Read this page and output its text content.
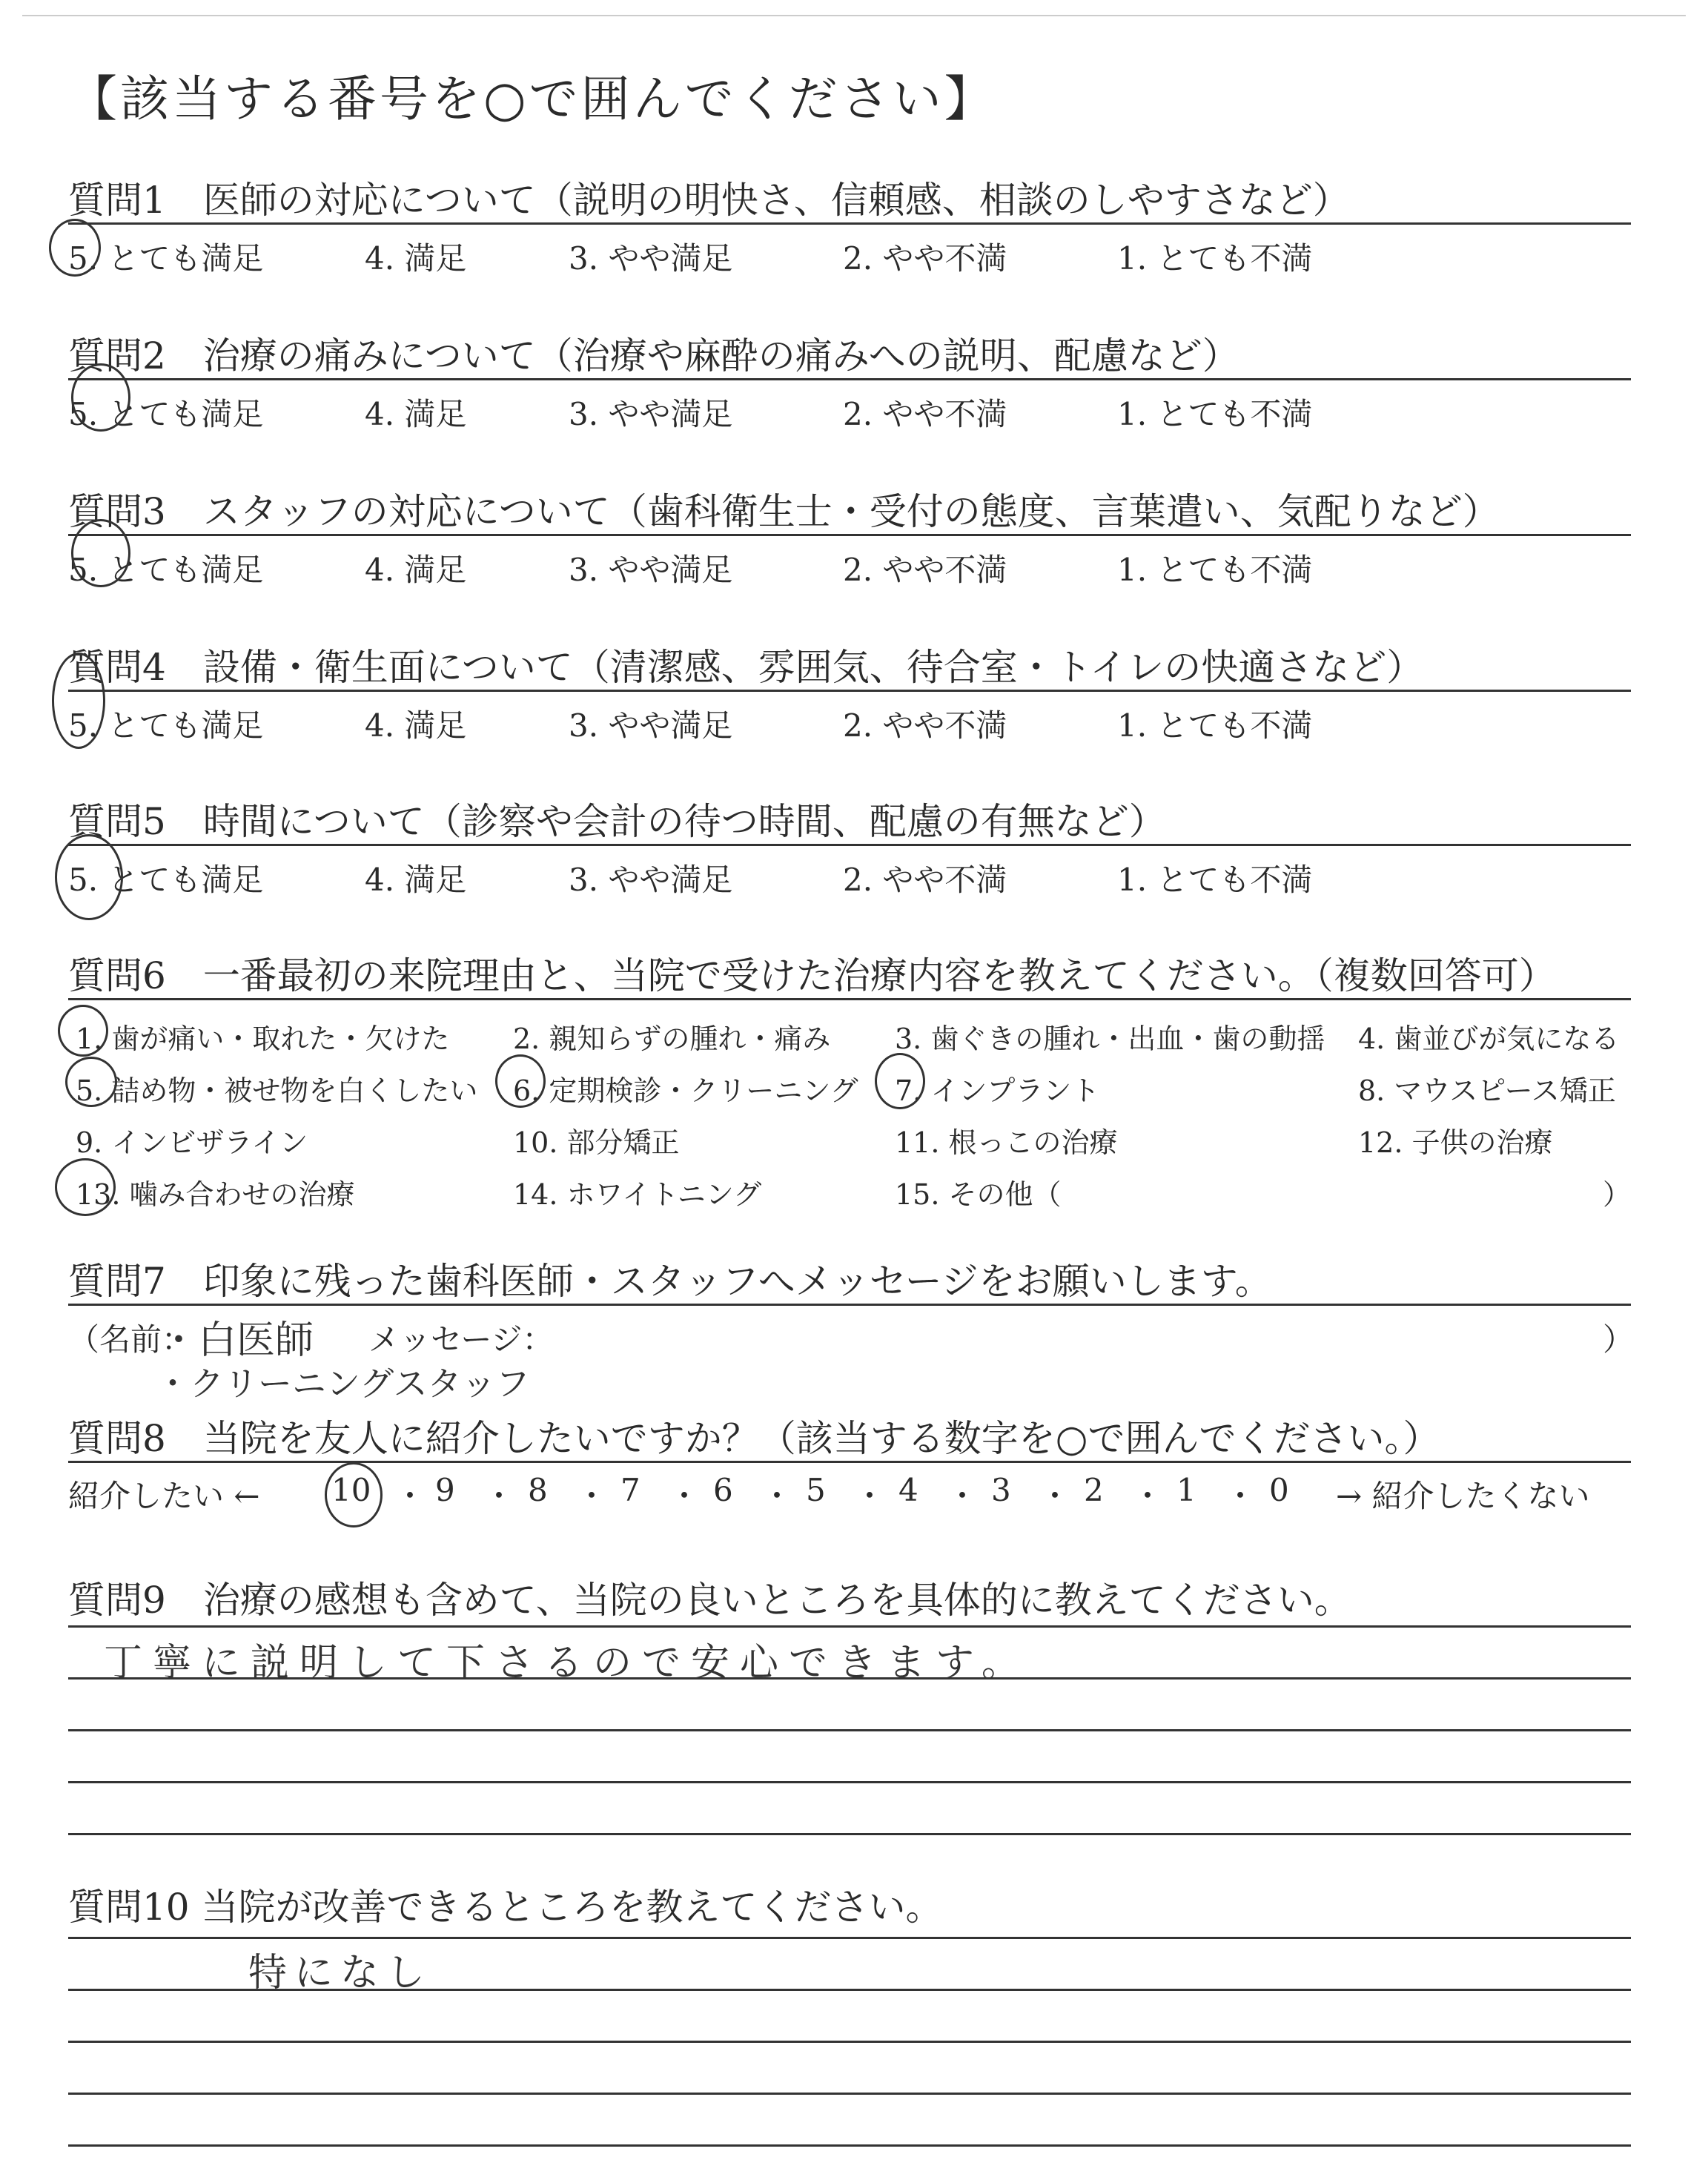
【該当する番号を○で囲んでください】
質問1　 医師の対応について（説明の明快さ、信頼感、相談のしやすさなど）
5. とても満足	4. 満足	3. やや満足	2. やや不満	1. とても不満
質問2　 治療の痛みについて（治療や麻酔の痛みへの説明、配慮など）
5. とても満足	4. 満足	3. やや満足	2. やや不満	1. とても不満
質問3　 スタッフの対応について（歯科衛生士・受付の態度、言葉遣い、気配りなど）
5. とても満足	4. 満足	3. やや満足	2. やや不満	1. とても不満
質問4　 設備・衛生面について（清潔感、雰囲気、待合室・トイレの快適さなど）
5. とても満足	4. 満足	3. やや満足	2. やや不満	1. とても不満
質問5　 時間について（診察や会計の待つ時間、配慮の有無など）
5. とても満足	4. 満足	3. やや満足	2. やや不満	1. とても不満
質問6　 一番最初の来院理由と、当院で受けた治療内容を教えてください。（複数回答可）
1. 歯が痛い・取れた・欠けた 2. 親知らずの腫れ・痛み 3. 歯ぐきの腫れ・出血・歯の動揺 4. 歯並びが気になる
5. 詰め物・被せ物を白くしたい 6. 定期検診・クリーニング 7. インプラント	8. マウスピース矯正
9. インビザライン	10. 部分矯正	11. 根っこの治療	12. 子供の治療
13. 噛み合わせの治療	14. ホワイトニング	15. その他（	）
質問7　 印象に残った歯科医師・スタッフへメッセージをお願いします。
（名前：	メッセージ：	）
・白医師
・クリーニングスタッフ
質問8　 当院を友人に紹介したいですか？（該当する数字を○で囲んでください。）
紹介したい ← 10 ・ 9 ・ 8 ・ 7 ・ 6 ・ 5 ・ 4 ・ 3 ・ 2 ・ 1 ・ 0 → 紹介したくない
質問9　 治療の感想も含めて、当院の良いところを具体的に教えてください。
丁寧に説明して下さるので安心できます。
質問10 当院が改善できるところを教えてください。
特になし
